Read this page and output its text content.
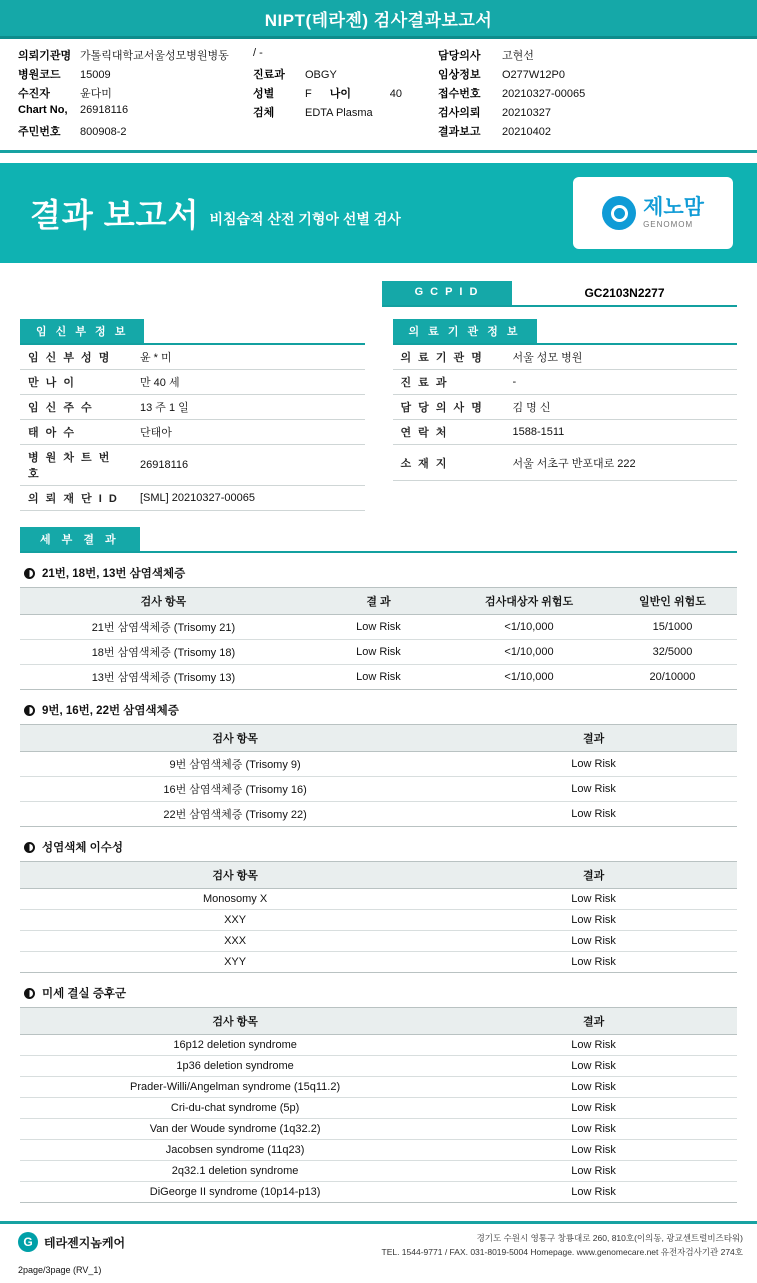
NIPT(테라젠) 검사결과보고서
의뢰기관명 가톨릭대학교서울성모병원병동
병원코드	15009
수진자	윤다미
Chart No,	26918116
주민번호	800908-2
/ -
진료과	OBGY
성별	F 나이	40
검체	EDTA Plasma
담당의사	고현선
임상정보	O277W12P0
접수번호	20210327-00065
검사의뢰	20210327
결과보고	20210402
결과 보고서 비침습적 산전 기형아 선별 검사	제노맘
GENOMOM
G C P I D	GC2103N2277
임 신 부 정 보
임 신 부 성 명	윤 * 미
만 나 이	만 40 세
임 신 주 수	13 주 1 일
태 아 수	단태아
병 원 차 트 번 호	26918116
의 뢰 재 단 I D	[SML] 20210327-00065
의 료 기 관 정 보
의 료 기 관 명	서울 성모 병원
진 료 과	-
담 당 의 사 명	김 명 신
연 락 처	1588-1511
소 재 지	서울 서초구 반포대로 222
세 부 결 과
21번, 18번, 13번 삼염색체증
검사 항목	결 과	검사대상자 위험도	일반인 위험도
21번 삼염색체증 (Trisomy 21)	Low Risk	<1/10,000	15/1000
18번 삼염색체증 (Trisomy 18)	Low Risk	<1/10,000	32/5000
13번 삼염색체증 (Trisomy 13)	Low Risk	<1/10,000	20/10000
9번, 16번, 22번 삼염색체증
검사 항목	결과
9번 삼염색체증 (Trisomy 9)	Low Risk
16번 삼염색체증 (Trisomy 16)	Low Risk
22번 삼염색체증 (Trisomy 22)	Low Risk
성염색체 이수성
검사 항목	결과
Monosomy X	Low Risk
XXY	Low Risk
XXX	Low Risk
XYY	Low Risk
미세 결실 증후군
검사 항목	결과
16p12 deletion syndrome	Low Risk
1p36 deletion syndrome	Low Risk
Prader-Willi/Angelman syndrome (15q11.2)	Low Risk
Cri-du-chat syndrome (5p)	Low Risk
Van der Woude syndrome (1q32.2)	Low Risk
Jacobsen syndrome (11q23)	Low Risk
2q32.1 deletion syndrome	Low Risk
DiGeorge II syndrome (10p14-p13)	Low Risk
G 테라젠지놈케어	경기도 수원시 영통구 창룡대로 260, 810호(이의동, 광교센트럴비즈타워)
TEL. 1544-9771 / FAX. 031-8019-5004 Homepage. www.genomecare.net 유전자검사기관 274호
2page/3page (RV_1)
